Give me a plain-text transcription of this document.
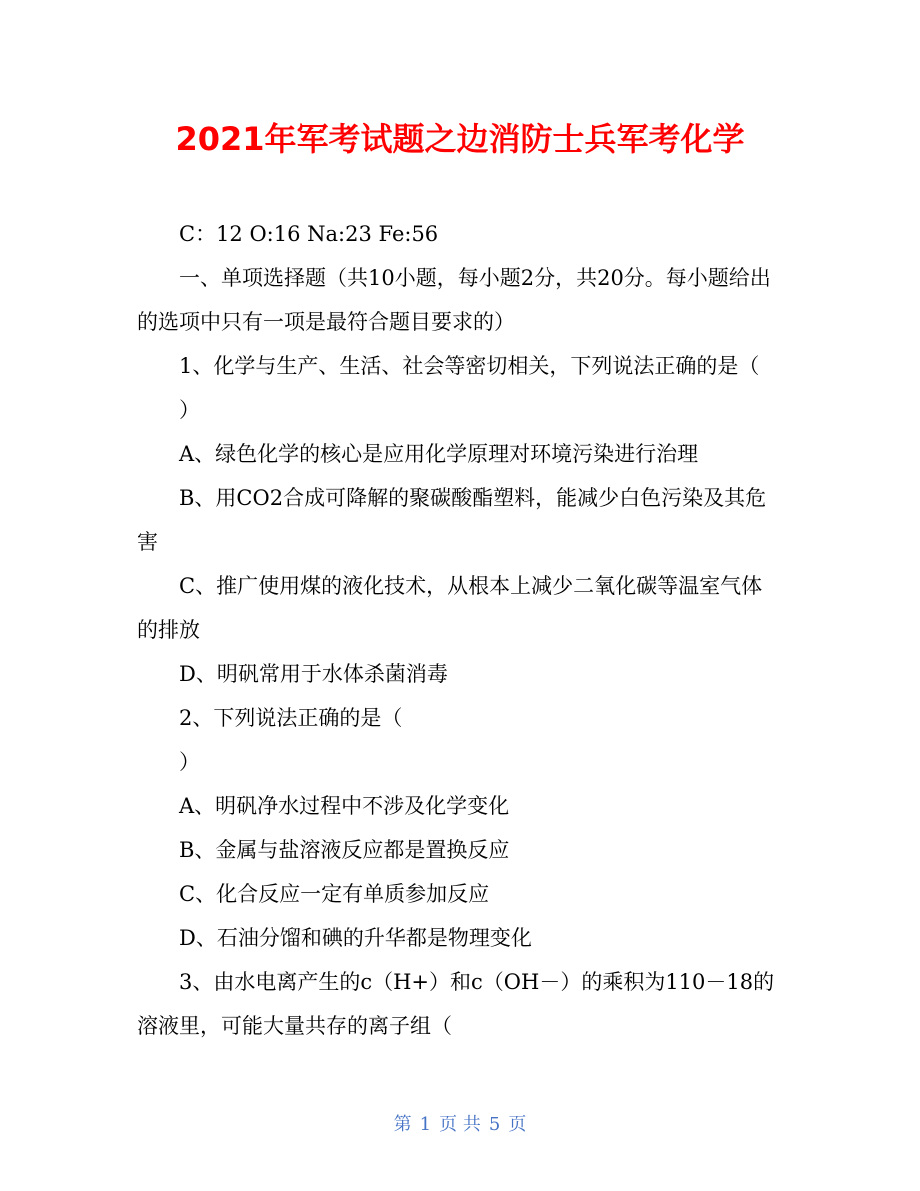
2021年军考试题之边消防士兵军考化学

C：12 O:16 Na:23 Fe:56

一、单项选择题（共10小题，每小题2分，共20分。每小题给出的选项中只有一项是最符合题目要求的）

1、化学与生产、生活、社会等密切相关，下列说法正确的是（

）

A、绿色化学的核心是应用化学原理对环境污染进行治理

B、用CO2合成可降解的聚碳酸酯塑料，能减少白色污染及其危害

C、推广使用煤的液化技术，从根本上减少二氧化碳等温室气体的排放

D、明矾常用于水体杀菌消毒

2、下列说法正确的是（

）

A、明矾净水过程中不涉及化学变化

B、金属与盐溶液反应都是置换反应

C、化合反应一定有单质参加反应

D、石油分馏和碘的升华都是物理变化

3、由水电离产生的c（H+）和c（OH－）的乘积为110－18的溶液里，可能大量共存的离子组（

第 1 页 共 5 页
